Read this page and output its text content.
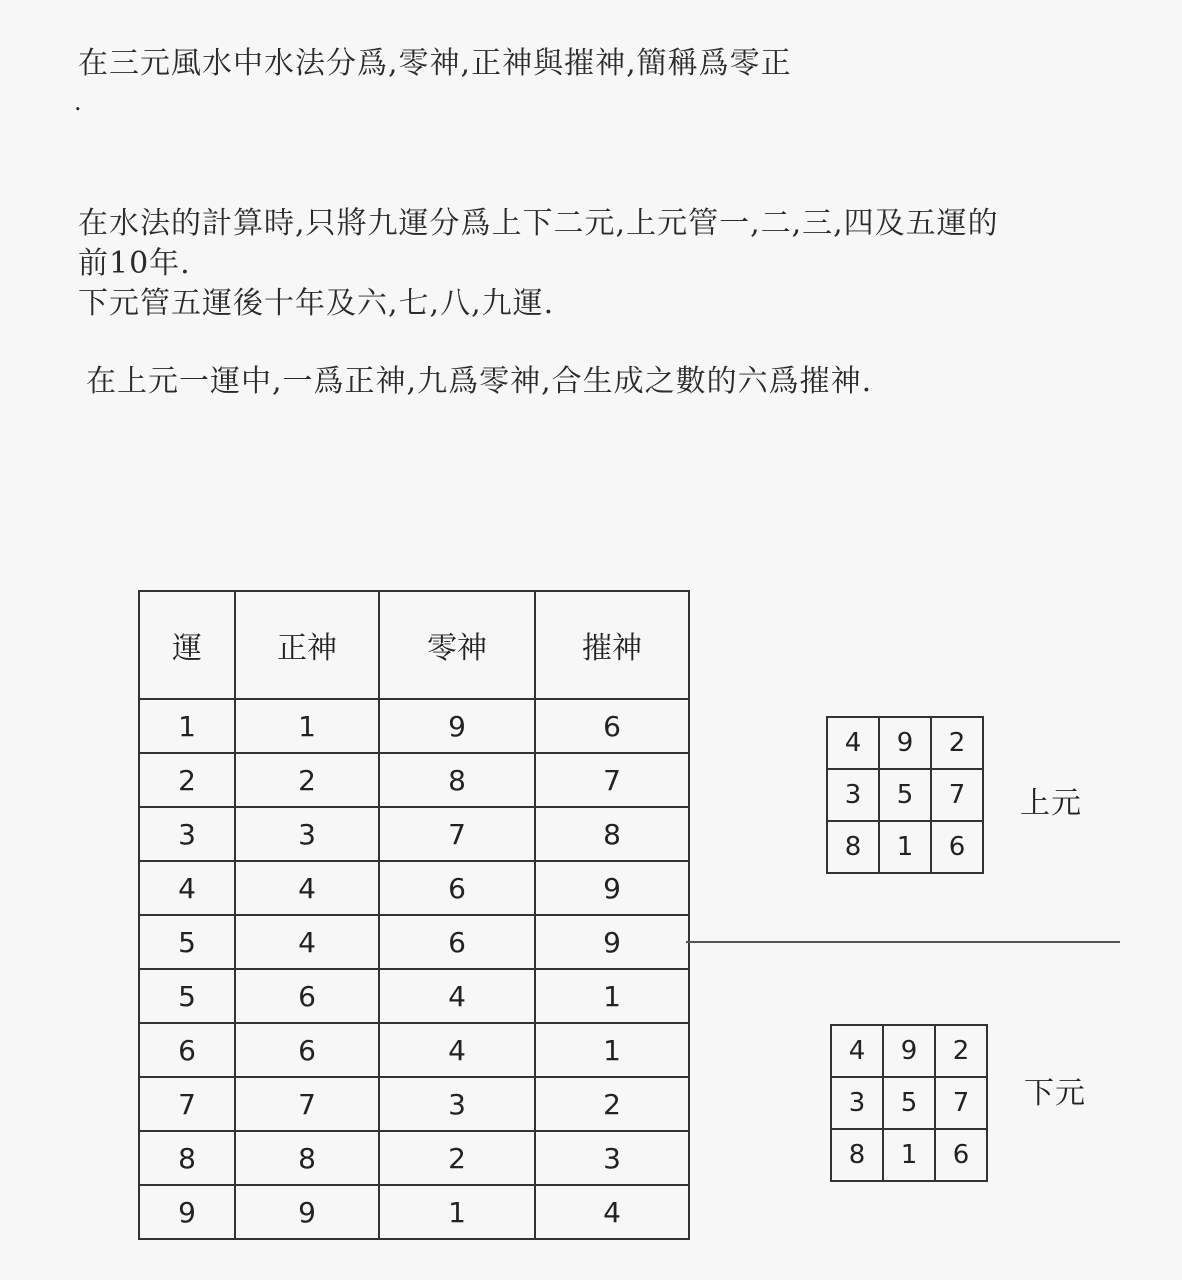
在三元風水中水法分爲,零神,正神與摧神,簡稱爲零正
.
在水法的計算時,只將九運分爲上下二元,上元管一,二,三,四及五運的
前10年.
下元管五運後十年及六,七,八,九運.
在上元一運中,一爲正神,九爲零神,合生成之數的六爲摧神.
運	正神	零神	摧神
1	1	9	6
2	2	8	7
3	3	7	8
4	4	6	9
5	4	6	9
5	6	4	1
6	6	4	1
7	7	3	2
8	8	2	3
9	9	1	4
4	9	2
3	5	7
8	1	6
上元
4	9	2
3	5	7
8	1	6
下元
